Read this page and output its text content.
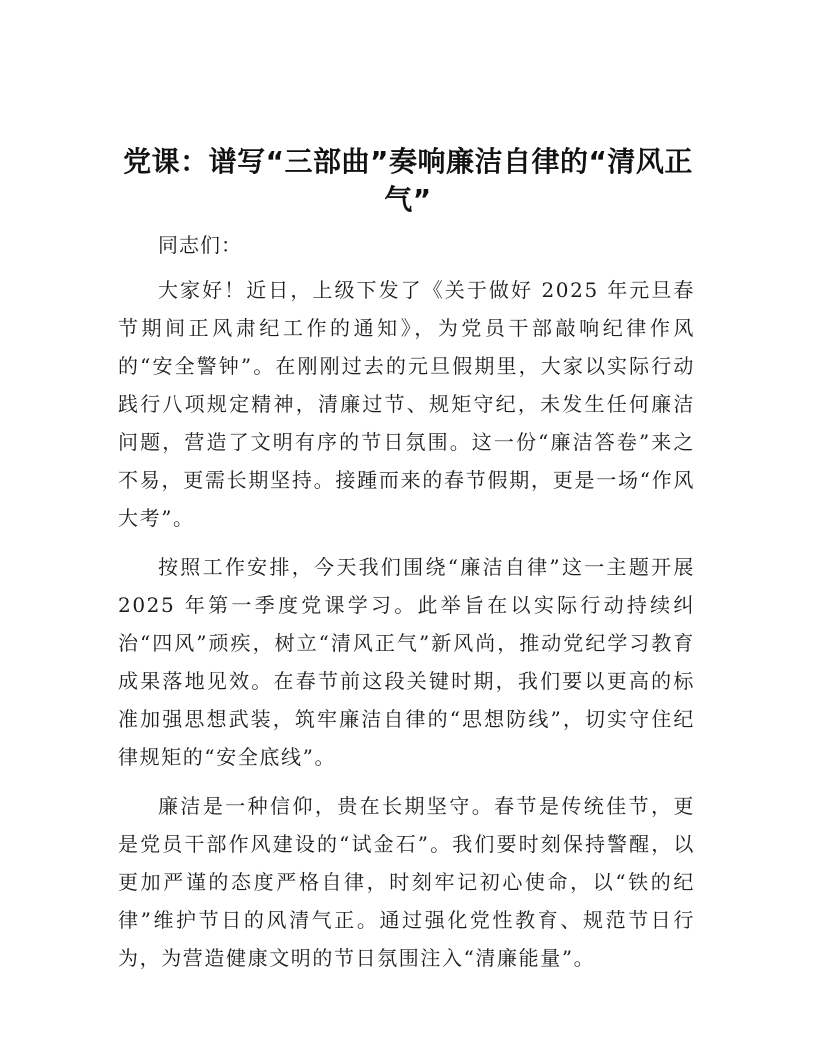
党课：谱写“三部曲”奏响廉洁自律的“清风正气”

同志们：

大家好！近日，上级下发了《关于做好 2025 年元旦春节期间正风肃纪工作的通知》，为党员干部敲响纪律作风的“安全警钟”。在刚刚过去的元旦假期里，大家以实际行动践行八项规定精神，清廉过节、规矩守纪，未发生任何廉洁问题，营造了文明有序的节日氛围。这一份“廉洁答卷”来之不易，更需长期坚持。接踵而来的春节假期，更是一场“作风大考”。

按照工作安排，今天我们围绕“廉洁自律”这一主题开展 2025 年第一季度党课学习。此举旨在以实际行动持续纠治“四风”顽疾，树立“清风正气”新风尚，推动党纪学习教育成果落地见效。在春节前这段关键时期，我们要以更高的标准加强思想武装，筑牢廉洁自律的“思想防线”，切实守住纪律规矩的“安全底线”。

廉洁是一种信仰，贵在长期坚守。春节是传统佳节，更是党员干部作风建设的“试金石”。我们要时刻保持警醒，以更加严谨的态度严格自律，时刻牢记初心使命，以“铁的纪律”维护节日的风清气正。通过强化党性教育、规范节日行为，为营造健康文明的节日氛围注入“清廉能量”。
